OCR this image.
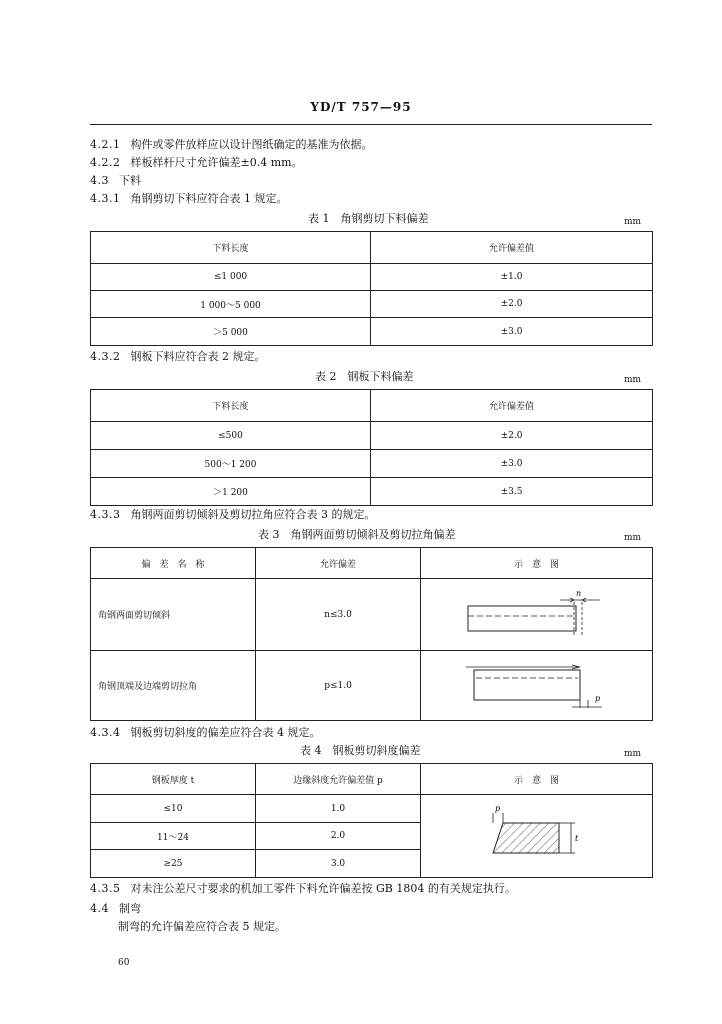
YD/T 757—95
4.2.1 构件或零件放样应以设计图纸确定的基准为依据。
4.2.2 样板样杆尺寸允许偏差±0.4 mm。
4.3 下料
4.3.1 角钢剪切下料应符合表 1 规定。
表 1　角钢剪切下料偏差	mm
下料长度	允许偏差值
≤1 000	±1.0
1 000～5 000	±2.0
＞5 000	±3.0
4.3.2 钢板下料应符合表 2 规定。
表 2　钢板下料偏差	mm
下料长度	允许偏差值
≤500	±2.0
500～1 200	±3.0
＞1 200	±3.5
4.3.3 角钢两面剪切倾斜及剪切拉角应符合表 3 的规定。
表 3　角钢两面剪切倾斜及剪切拉角偏差	mm
偏　差　名　称	允许偏差	示　意　图
角钢两面剪切倾斜	n≤3.0	n

角钢顶端及边端剪切拉角	p≤1.0	p
4.3.4 钢板剪切斜度的偏差应符合表 4 规定。
表 4　钢板剪切斜度偏差	mm
钢板厚度 t	边缘斜度允许偏差值 p	示　意　图
≤10	1.0	p
t

11～24	2.0	
≥25	3.0	
4.3.5 对未注公差尺寸要求的机加工零件下料允许偏差按 GB 1804 的有关规定执行。
4.4 制弯
制弯的允许偏差应符合表 5 规定。
60
